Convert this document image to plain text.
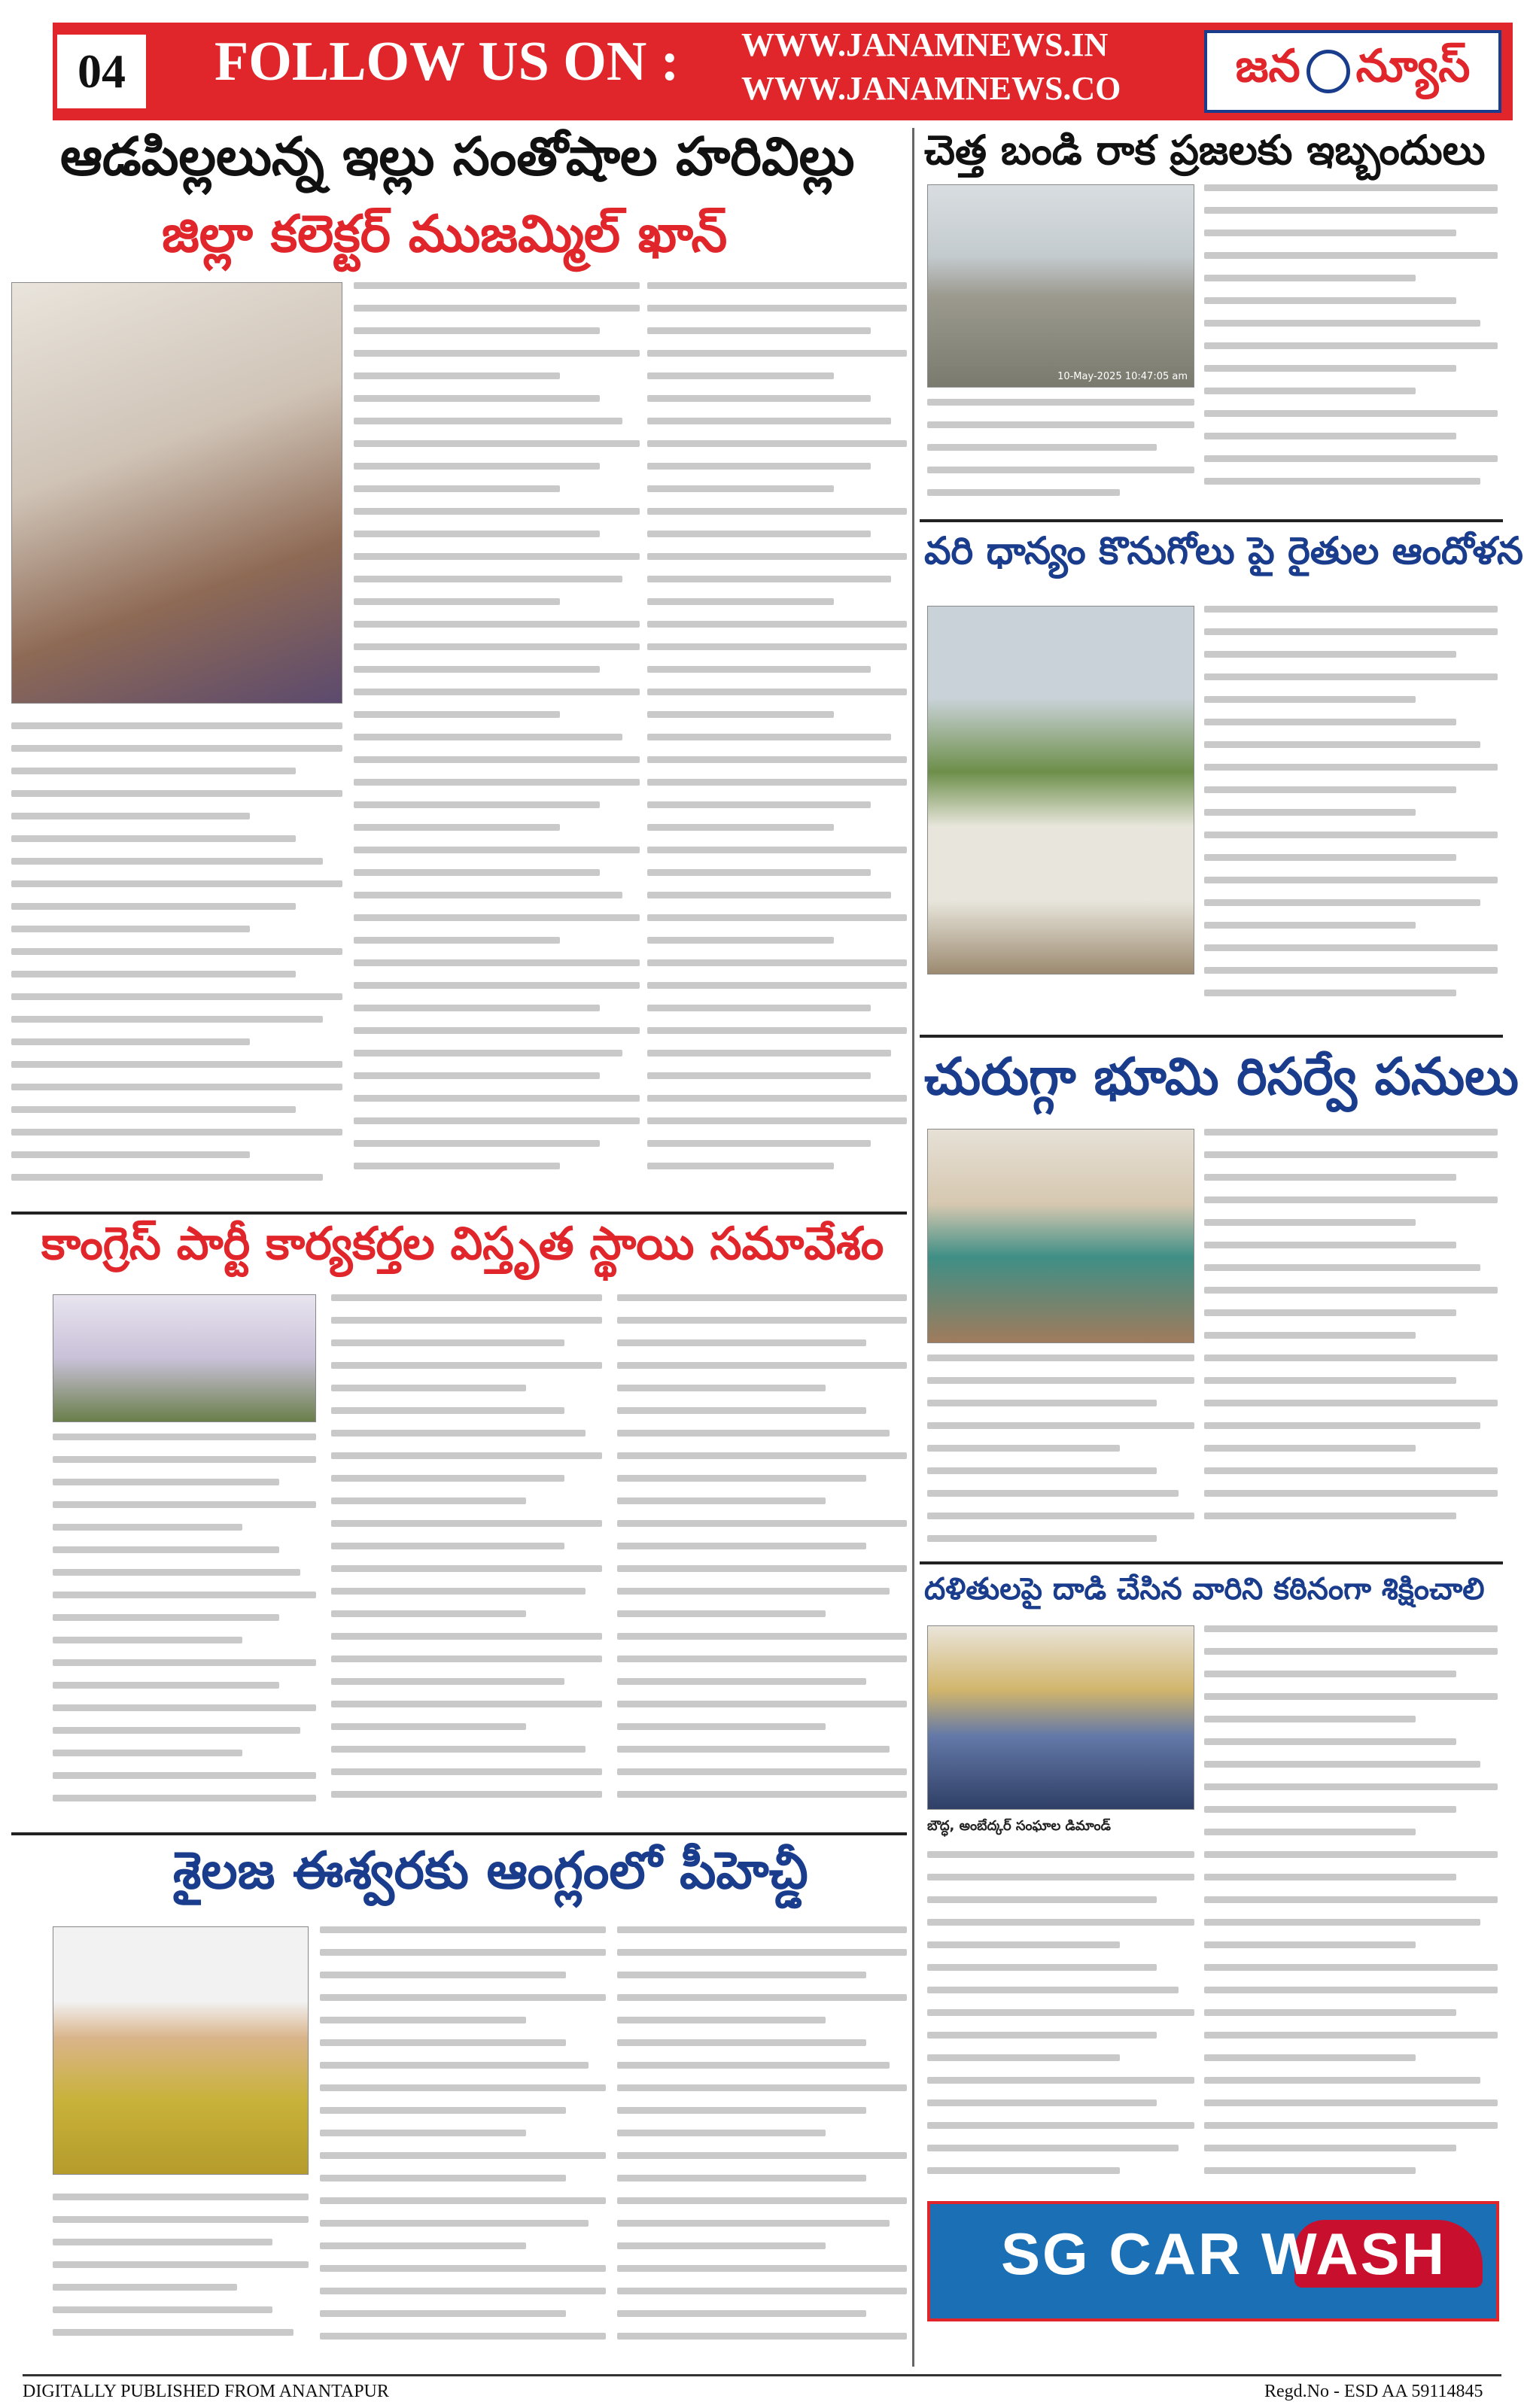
04	FOLLOW US ON : WWW.JANAMNEWS.IN
WWW.JANAMNEWS.CO	జన న్యూస్
ఆడపిల్లలున్న ఇల్లు సంతోషాల హరివిల్లు
జిల్లా కలెక్టర్ ముజమ్మిల్ ఖాన్
కాంగ్రెస్ పార్టీ కార్యకర్తల విస్తృత స్థాయి సమావేశం
శైలజ ఈశ్వరకు ఆంగ్లంలో పీహెచ్డీ
చెత్త బండి రాక ప్రజలకు ఇబ్బందులు
10-May-2025 10:47:05 am
వరి ధాన్యం కొనుగోలు పై రైతుల ఆందోళన
చురుగ్గా భూమి రిసర్వే పనులు
దళితులపై దాడి చేసిన వారిని కఠినంగా శిక్షించాలి
బౌద్ధ, అంబేద్కర్ సంఘాల డిమాండ్
SG CAR WASH
DIGITALLY PUBLISHED FROM ANANTAPUR	Regd.No - ESD AA 59114845
